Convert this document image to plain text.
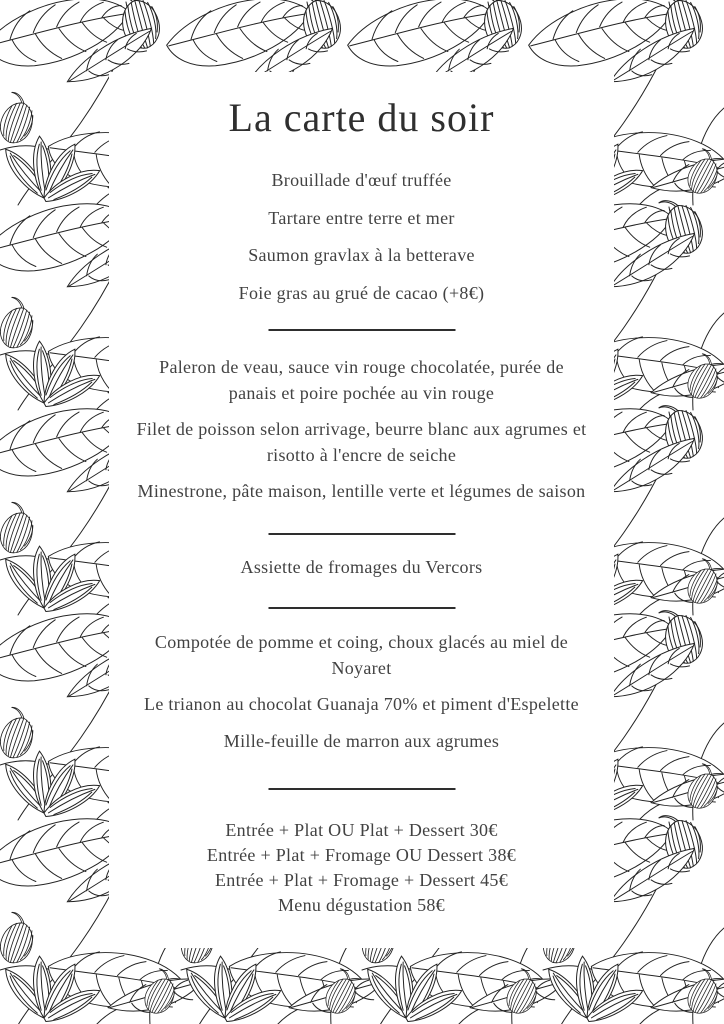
La carte du soir

Brouillade d'œuf truffée

Tartare entre terre et mer

Saumon gravlax à la betterave

Foie gras au grué de cacao (+8€)

Paleron de veau, sauce vin rouge chocolatée, purée de panais et poire pochée au vin rouge

Filet de poisson selon arrivage, beurre blanc aux agrumes et risotto à l'encre de seiche

Minestrone, pâte maison, lentille verte et légumes de saison

Assiette de fromages du Vercors

Compotée de pomme et coing, choux glacés au miel de Noyaret

Le trianon au chocolat Guanaja 70% et piment d'Espelette

Mille-feuille de marron aux agrumes

Entrée + Plat OU Plat + Dessert 30€

Entrée + Plat + Fromage OU Dessert 38€

Entrée + Plat + Fromage + Dessert 45€

Menu dégustation 58€
